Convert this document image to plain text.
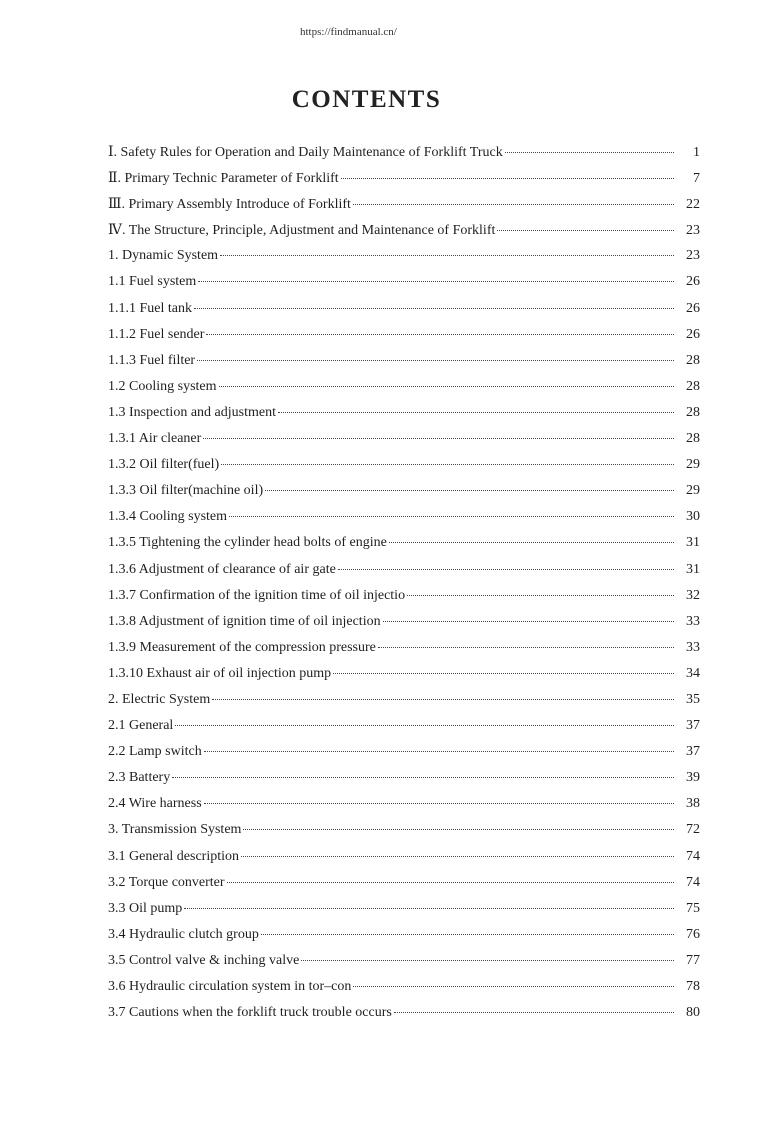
https://findmanual.cn/
CONTENTS
Ⅰ. Safety Rules for Operation and Daily Maintenance of Forklift Truck	1
Ⅱ. Primary Technic Parameter of Forklift	7
Ⅲ. Primary Assembly Introduce of Forklift	22
Ⅳ. The Structure, Principle, Adjustment and Maintenance of Forklift	23
1. Dynamic System	23
1.1 Fuel system	26
1.1.1 Fuel tank	26
1.1.2 Fuel sender	26
1.1.3 Fuel filter	28
1.2 Cooling system	28
1.3 Inspection and adjustment	28
1.3.1 Air cleaner	28
1.3.2 Oil filter(fuel)	29
1.3.3 Oil filter(machine oil)	29
1.3.4 Cooling system	30
1.3.5 Tightening the cylinder head bolts of engine	31
1.3.6 Adjustment of clearance of air gate	31
1.3.7 Confirmation of the ignition time of oil injectio	32
1.3.8 Adjustment of ignition time of oil injection	33
1.3.9 Measurement of the compression pressure	33
1.3.10 Exhaust air of oil injection pump	34
2. Electric System	35
2.1 General	37
2.2 Lamp switch	37
2.3 Battery	39
2.4 Wire harness	38
3. Transmission System	72
3.1 General description	74
3.2 Torque converter	74
3.3 Oil pump	75
3.4 Hydraulic clutch group	76
3.5 Control valve & inching valve	77
3.6 Hydraulic circulation system in tor–con	78
3.7 Cautions when the forklift truck trouble occurs	80
